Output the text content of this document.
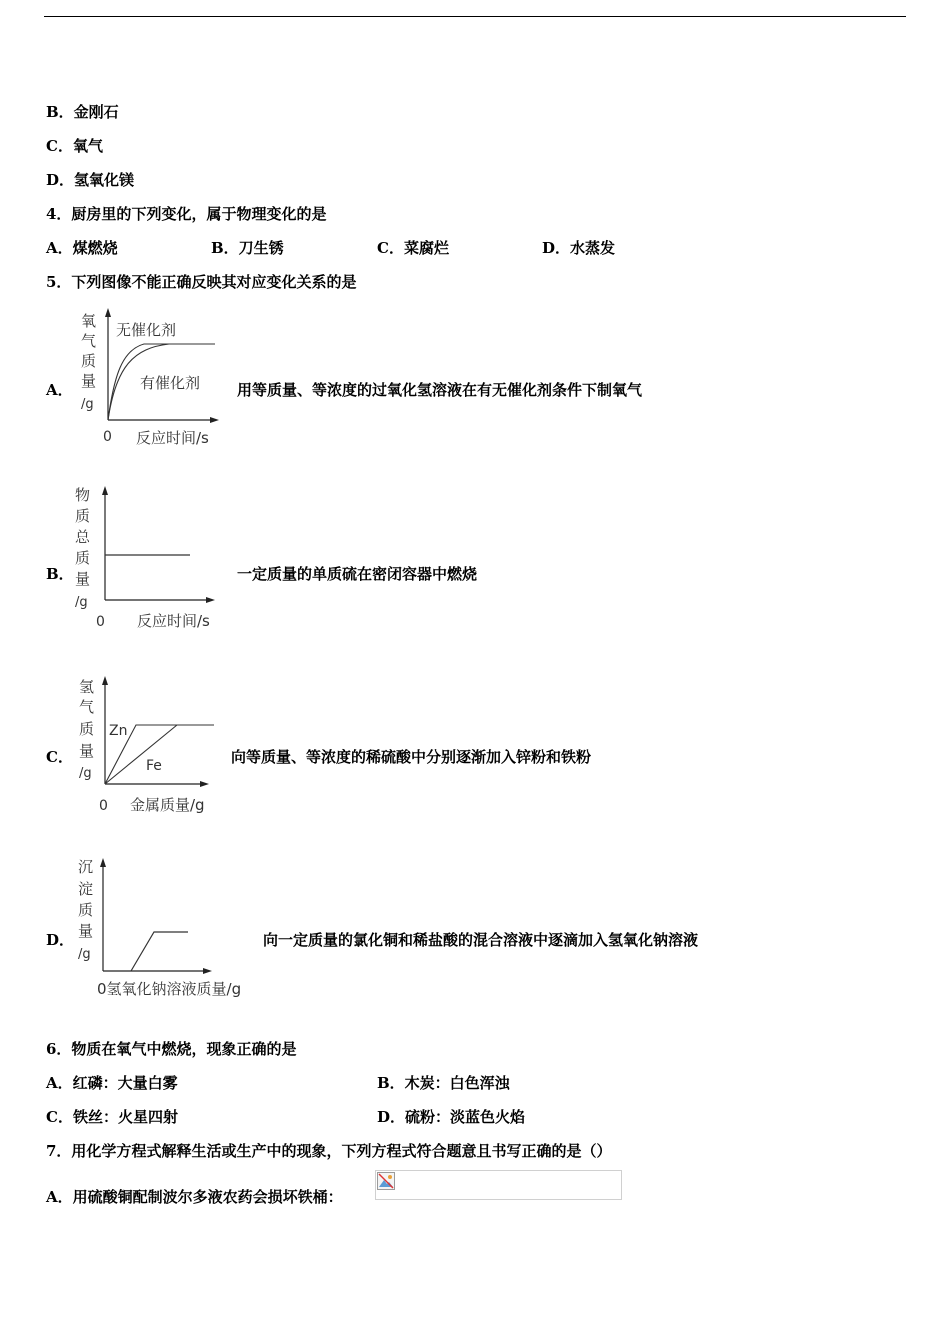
B．金刚石
C．氧气
D．氢氧化镁
4．厨房里的下列变化，属于物理变化的是
A．煤燃烧	B．刀生锈	C．菜腐烂	D．水蒸发
5．下列图像不能正确反映其对应变化关系的是
A．
氧
气
质
量
/g
无催化剂
有催化剂
0 反应时间/s
用等质量、等浓度的过氧化氢溶液在有无催化剂条件下制氧气
B．
物
质
总
质
量
/g
0 反应时间/s
一定质量的单质硫在密闭容器中燃烧
C．
氢
气
质
量
/g
Zn
Fe
0 金属质量/g
向等质量、等浓度的稀硫酸中分别逐渐加入锌粉和铁粉
D．
沉
淀
质
量
/g
0氢氧化钠溶液质量/g
向一定质量的氯化铜和稀盐酸的混合溶液中逐滴加入氢氧化钠溶液
6．物质在氧气中燃烧，现象正确的是
A．红磷：大量白雾	B．木炭：白色浑浊
C．铁丝：火星四射	D．硫粉：淡蓝色火焰
7．用化学方程式解释生活或生产中的现象，下列方程式符合题意且书写正确的是（）
A．用硫酸铜配制波尔多液农药会损坏铁桶：
